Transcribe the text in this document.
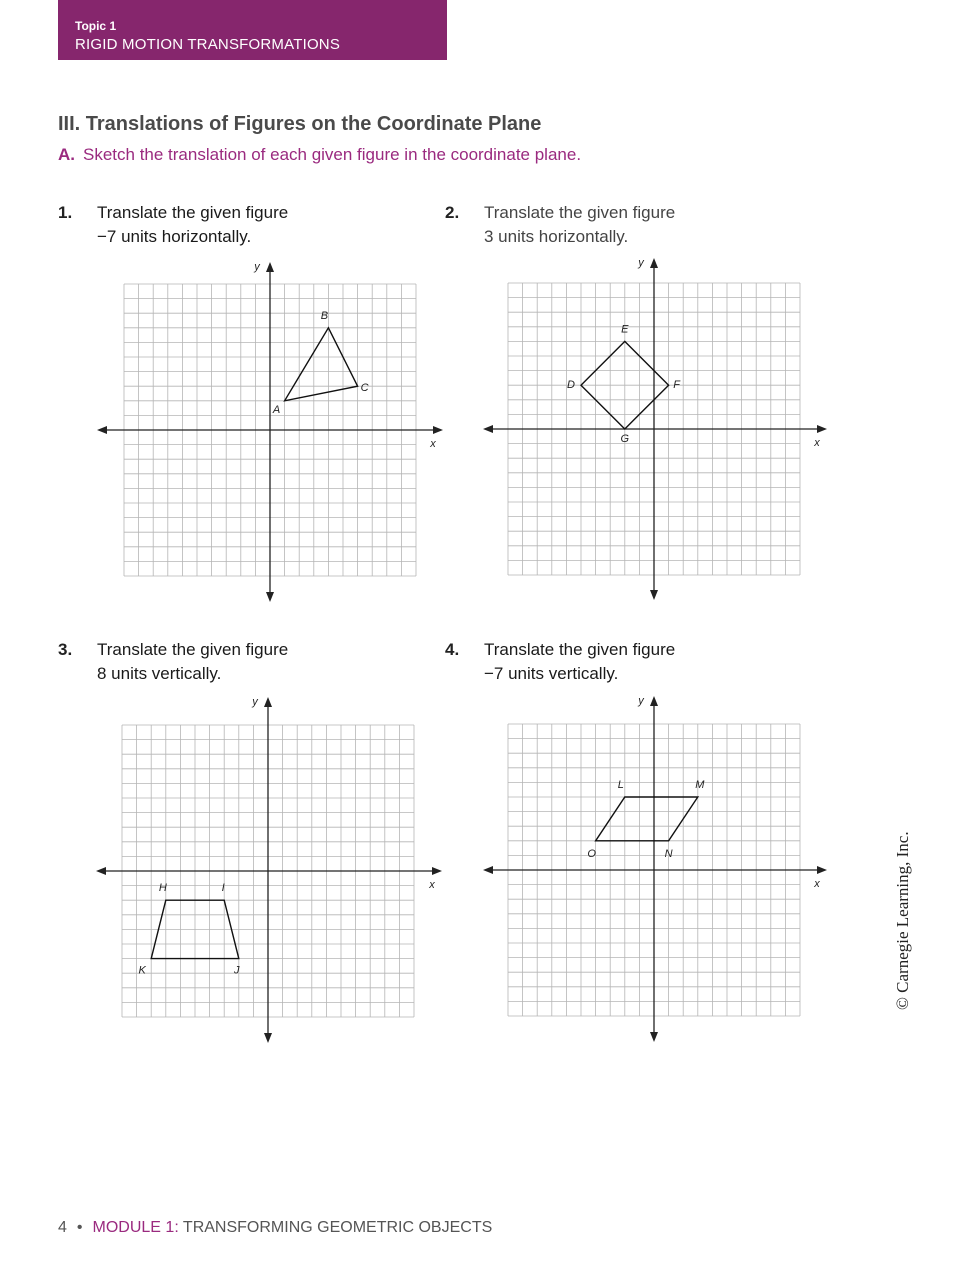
Topic 1
RIGID MOTION TRANSFORMATIONS
III. Translations of Figures on the Coordinate Plane
A. Sketch the translation of each given figure in the coordinate plane.
1. Translate the given figure
−7 units horizontally.
2. Translate the given figure
3 units horizontally.
3. Translate the given figure
8 units vertically.
4. Translate the given figure
−7 units vertically.
x
y
A
B
C
x
y
D
E
F
G
x
y
H	I
J
K
x
y
L	M
N
O	© Carnegie Learning, Inc.
4 • MODULE 1: TRANSFORMING GEOMETRIC OBJECTS
